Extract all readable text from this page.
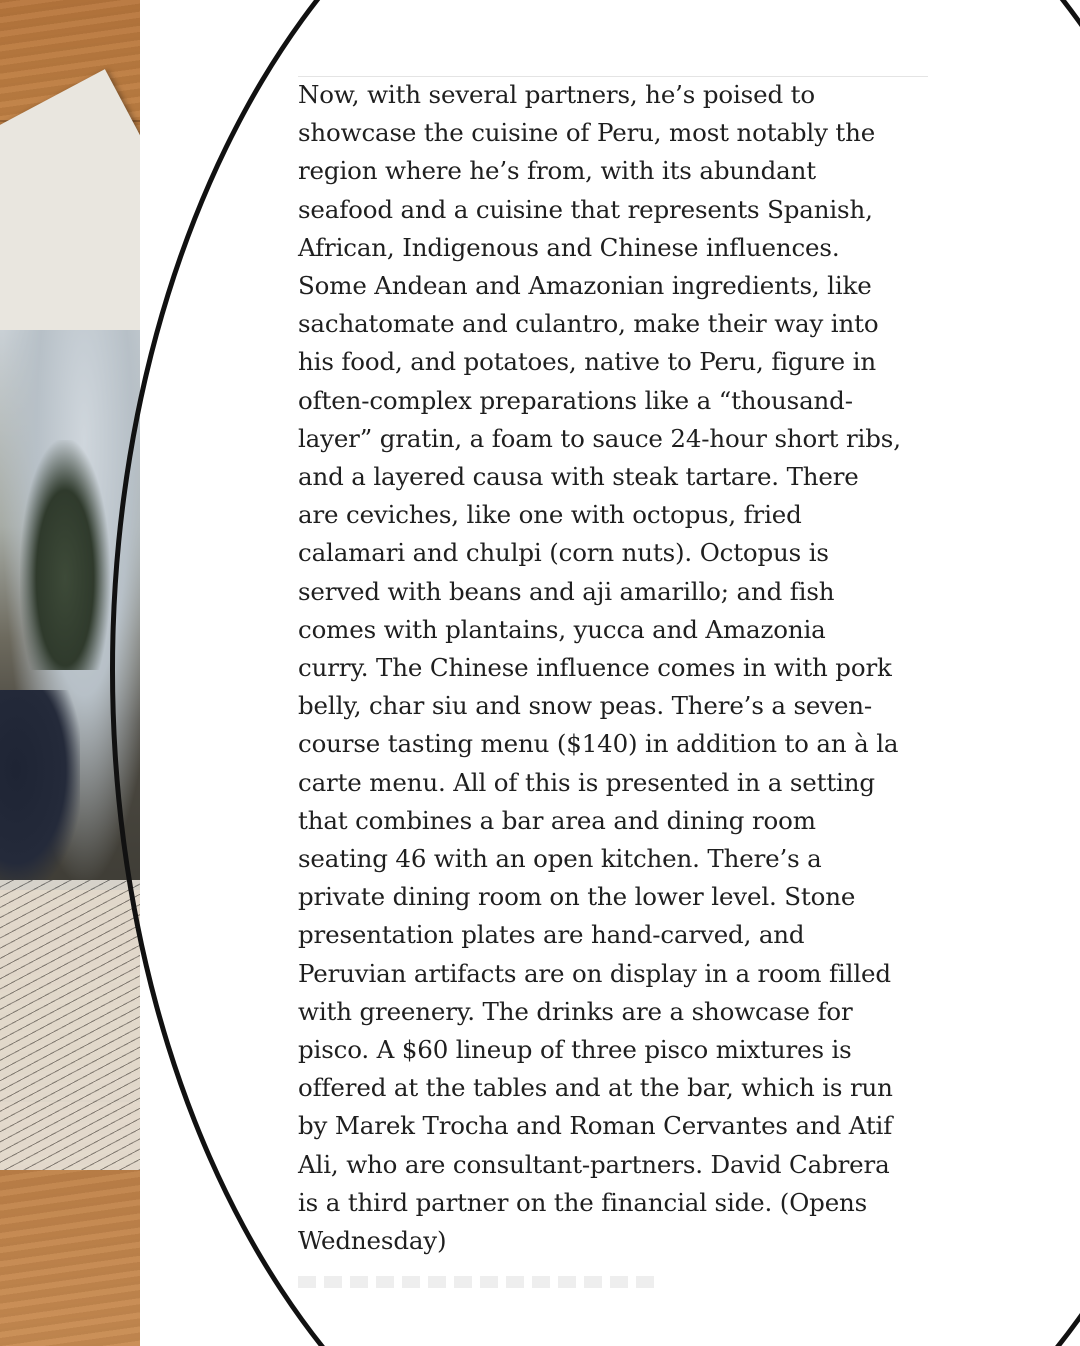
Now, with several partners, he’s poised to
showcase the cuisine of Peru, most notably the
region where he’s from, with its abundant
seafood and a cuisine that represents Spanish,
African, Indigenous and Chinese influences.
Some Andean and Amazonian ingredients, like
sachatomate and culantro, make their way into
his food, and potatoes, native to Peru, figure in
often-complex preparations like a “thousand-
layer” gratin, a foam to sauce 24-hour short ribs,
and a layered causa with steak tartare. There
are ceviches, like one with octopus, fried
calamari and chulpi (corn nuts). Octopus is
served with beans and aji amarillo; and fish
comes with plantains, yucca and Amazonia
curry. The Chinese influence comes in with pork
belly, char siu and snow peas. There’s a seven-
course tasting menu ($140) in addition to an à la
carte menu. All of this is presented in a setting
that combines a bar area and dining room
seating 46 with an open kitchen. There’s a
private dining room on the lower level. Stone
presentation plates are hand-carved, and
Peruvian artifacts are on display in a room filled
with greenery. The drinks are a showcase for
pisco. A $60 lineup of three pisco mixtures is
offered at the tables and at the bar, which is run
by Marek Trocha and Roman Cervantes and Atif
Ali, who are consultant-partners. David Cabrera
is a third partner on the financial side. (Opens
Wednesday)
